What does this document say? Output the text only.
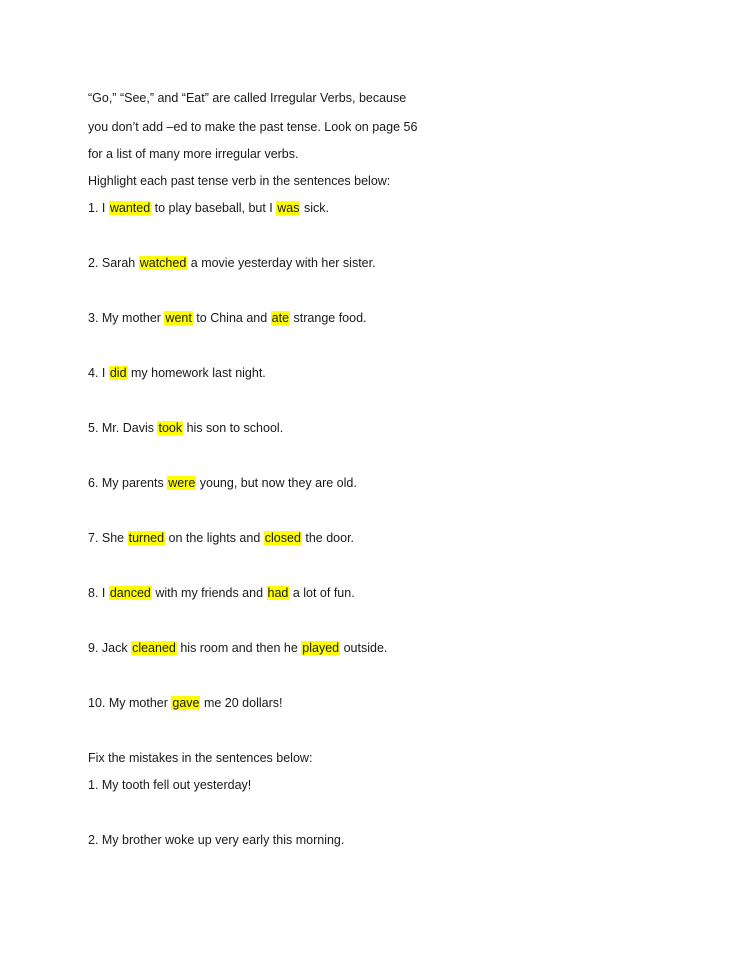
“Go,” “See,” and “Eat” are called Irregular Verbs, because
you don’t add –ed to make the past tense. Look on page 56
for a list of many more irregular verbs.
Highlight each past tense verb in the sentences below:
1. I wanted to play baseball, but I was sick.
2. Sarah watched a movie yesterday with her sister.
3. My mother went to China and ate strange food.
4. I did my homework last night.
5. Mr. Davis took his son to school.
6. My parents were young, but now they are old.
7. She turned on the lights and closed the door.
8. I danced with my friends and had a lot of fun.
9. Jack cleaned his room and then he played outside.
10. My mother gave me 20 dollars!
Fix the mistakes in the sentences below:
1. My tooth fell out yesterday!
2. My brother woke up very early this morning.
